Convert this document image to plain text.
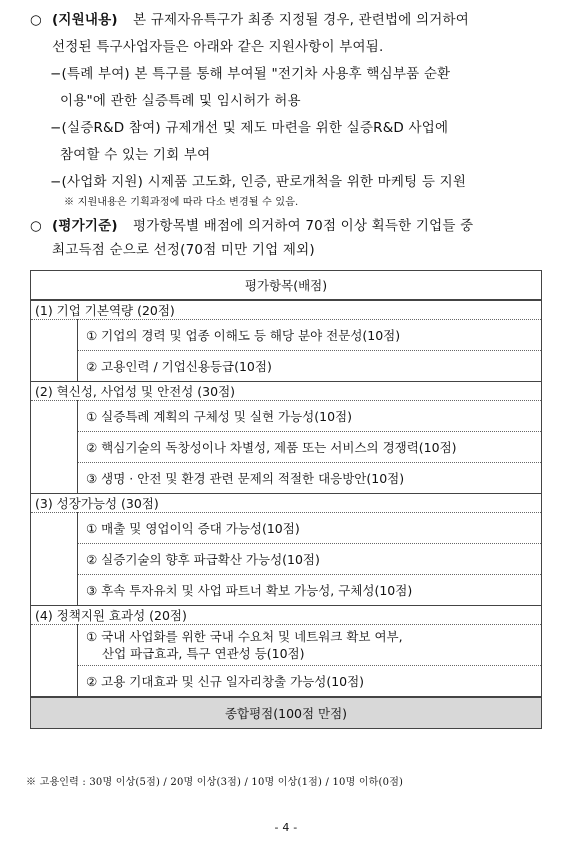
○ (지원내용) 본 규제자유특구가 최종 지정될 경우, 관련법에 의거하여
선정된 특구사업자들은 아래와 같은 지원사항이 부여됨.
−(특례 부여) 본 특구를 통해 부여될 "전기차 사용후 핵심부품 순환
이용"에 관한 실증특례 및 임시허가 허용
−(실증R&D 참여) 규제개선 및 제도 마련을 위한 실증R&D 사업에
참여할 수 있는 기회 부여
−(사업화 지원) 시제품 고도화, 인증, 판로개척을 위한 마케팅 등 지원
※ 지원내용은 기획과정에 따라 다소 변경될 수 있음.
○ (평가기준) 평가항목별 배점에 의거하여 70점 이상 획득한 기업들 중
최고득점 순으로 선정(70점 미만 기업 제외)
평가항목(배점)	
(1) 기업 기본역량 (20점)	
	① 기업의 경력 및 업종 이해도 등 해당 분야 전문성(10점)
	② 고용인력 / 기업신용등급(10점)
(2) 혁신성, 사업성 및 안전성 (30점)	
	① 실증특례 계획의 구체성 및 실현 가능성(10점)
	② 핵심기술의 독창성이나 차별성, 제품 또는 서비스의 경쟁력(10점)
	③ 생명 · 안전 및 환경 관련 문제의 적절한 대응방안(10점)
(3) 성장가능성 (30점)	
	① 매출 및 영업이익 증대 가능성(10점)
	② 실증기술의 향후 파급확산 가능성(10점)
	③ 후속 투자유치 및 사업 파트너 확보 가능성, 구체성(10점)
(4) 정책지원 효과성 (20점)	

	① 국내 사업화를 위한 국내 수요처 및 네트워크 확보 여부,
산업 파급효과, 특구 연관성 등(10점)

	② 고용 기대효과 및 신규 일자리창출 가능성(10점)
종합평점(100점 만점)	
※ 고용인력 : 30명 이상(5점) / 20명 이상(3점) / 10명 이상(1점) / 10명 이하(0점)
- 4 -
